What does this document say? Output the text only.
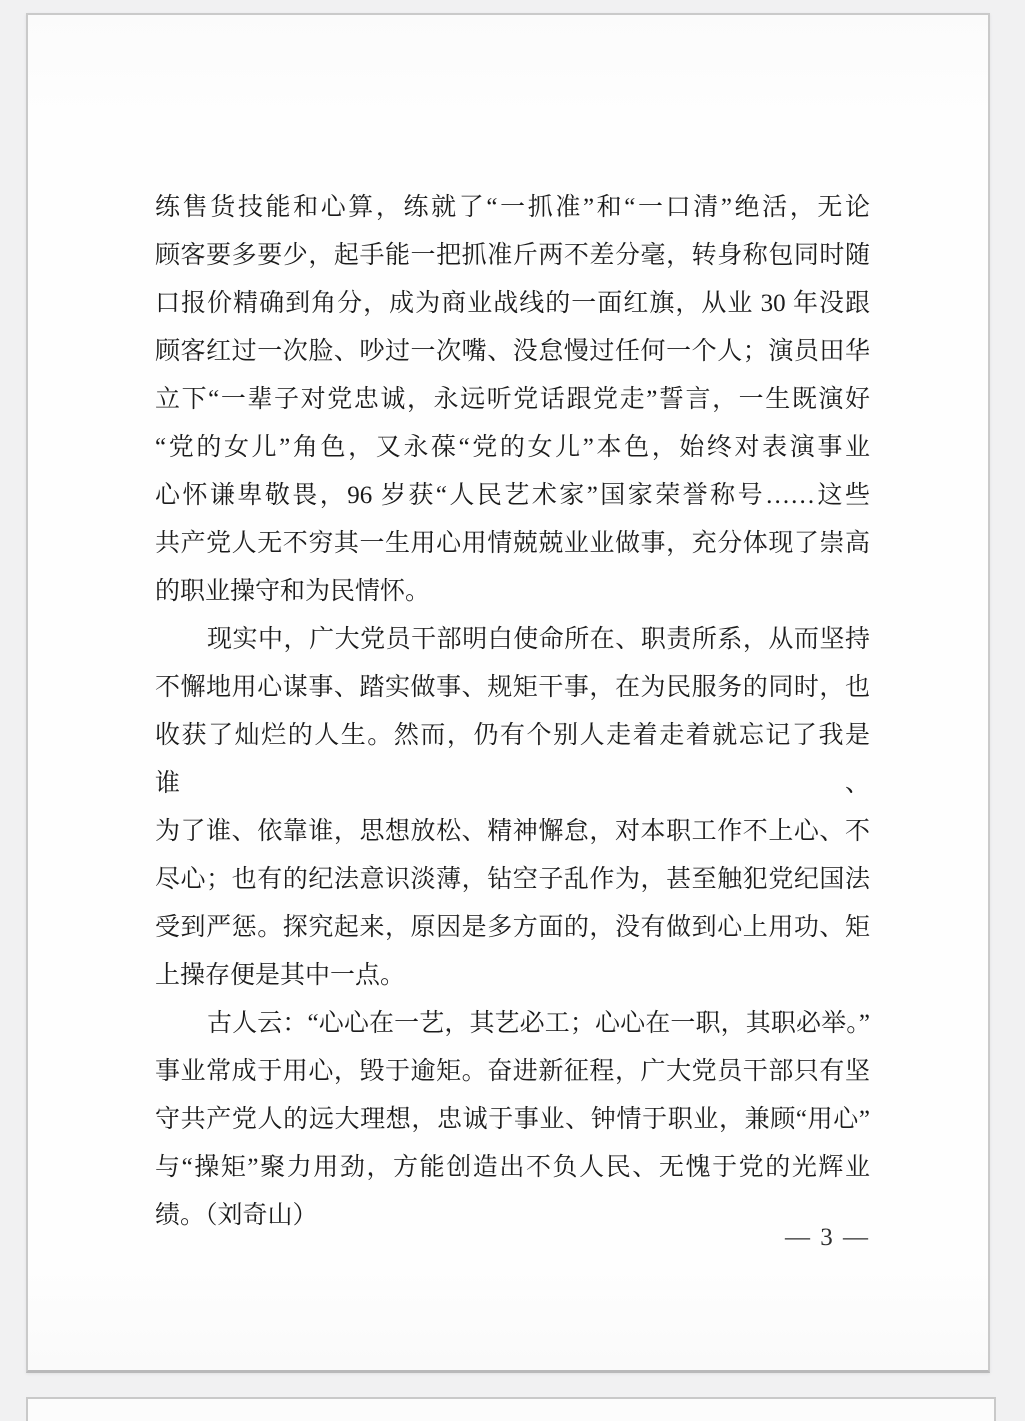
练售货技能和心算，练就了“一抓准”和“一口清”绝活，无论
顾客要多要少，起手能一把抓准斤两不差分毫，转身称包同时随
口报价精确到角分，成为商业战线的一面红旗，从业 30 年没跟
顾客红过一次脸、吵过一次嘴、没怠慢过任何一个人；演员田华
立下“一辈子对党忠诚，永远听党话跟党走”誓言，一生既演好
“党的女儿”角色，又永葆“党的女儿”本色，始终对表演事业
心怀谦卑敬畏，96 岁获“人民艺术家”国家荣誉称号……这些
共产党人无不穷其一生用心用情兢兢业业做事，充分体现了崇高
的职业操守和为民情怀。
现实中，广大党员干部明白使命所在、职责所系，从而坚持
不懈地用心谋事、踏实做事、规矩干事，在为民服务的同时，也
收获了灿烂的人生。然而，仍有个别人走着走着就忘记了我是谁、
为了谁、依靠谁，思想放松、精神懈怠，对本职工作不上心、不
尽心；也有的纪法意识淡薄，钻空子乱作为，甚至触犯党纪国法
受到严惩。探究起来，原因是多方面的，没有做到心上用功、矩
上操存便是其中一点。
古人云：“心心在一艺，其艺必工；心心在一职，其职必举。”
事业常成于用心，毁于逾矩。奋进新征程，广大党员干部只有坚
守共产党人的远大理想，忠诚于事业、钟情于职业，兼顾“用心”
与“操矩”聚力用劲，方能创造出不负人民、无愧于党的光辉业
绩。（刘奇山）
— 3 —
